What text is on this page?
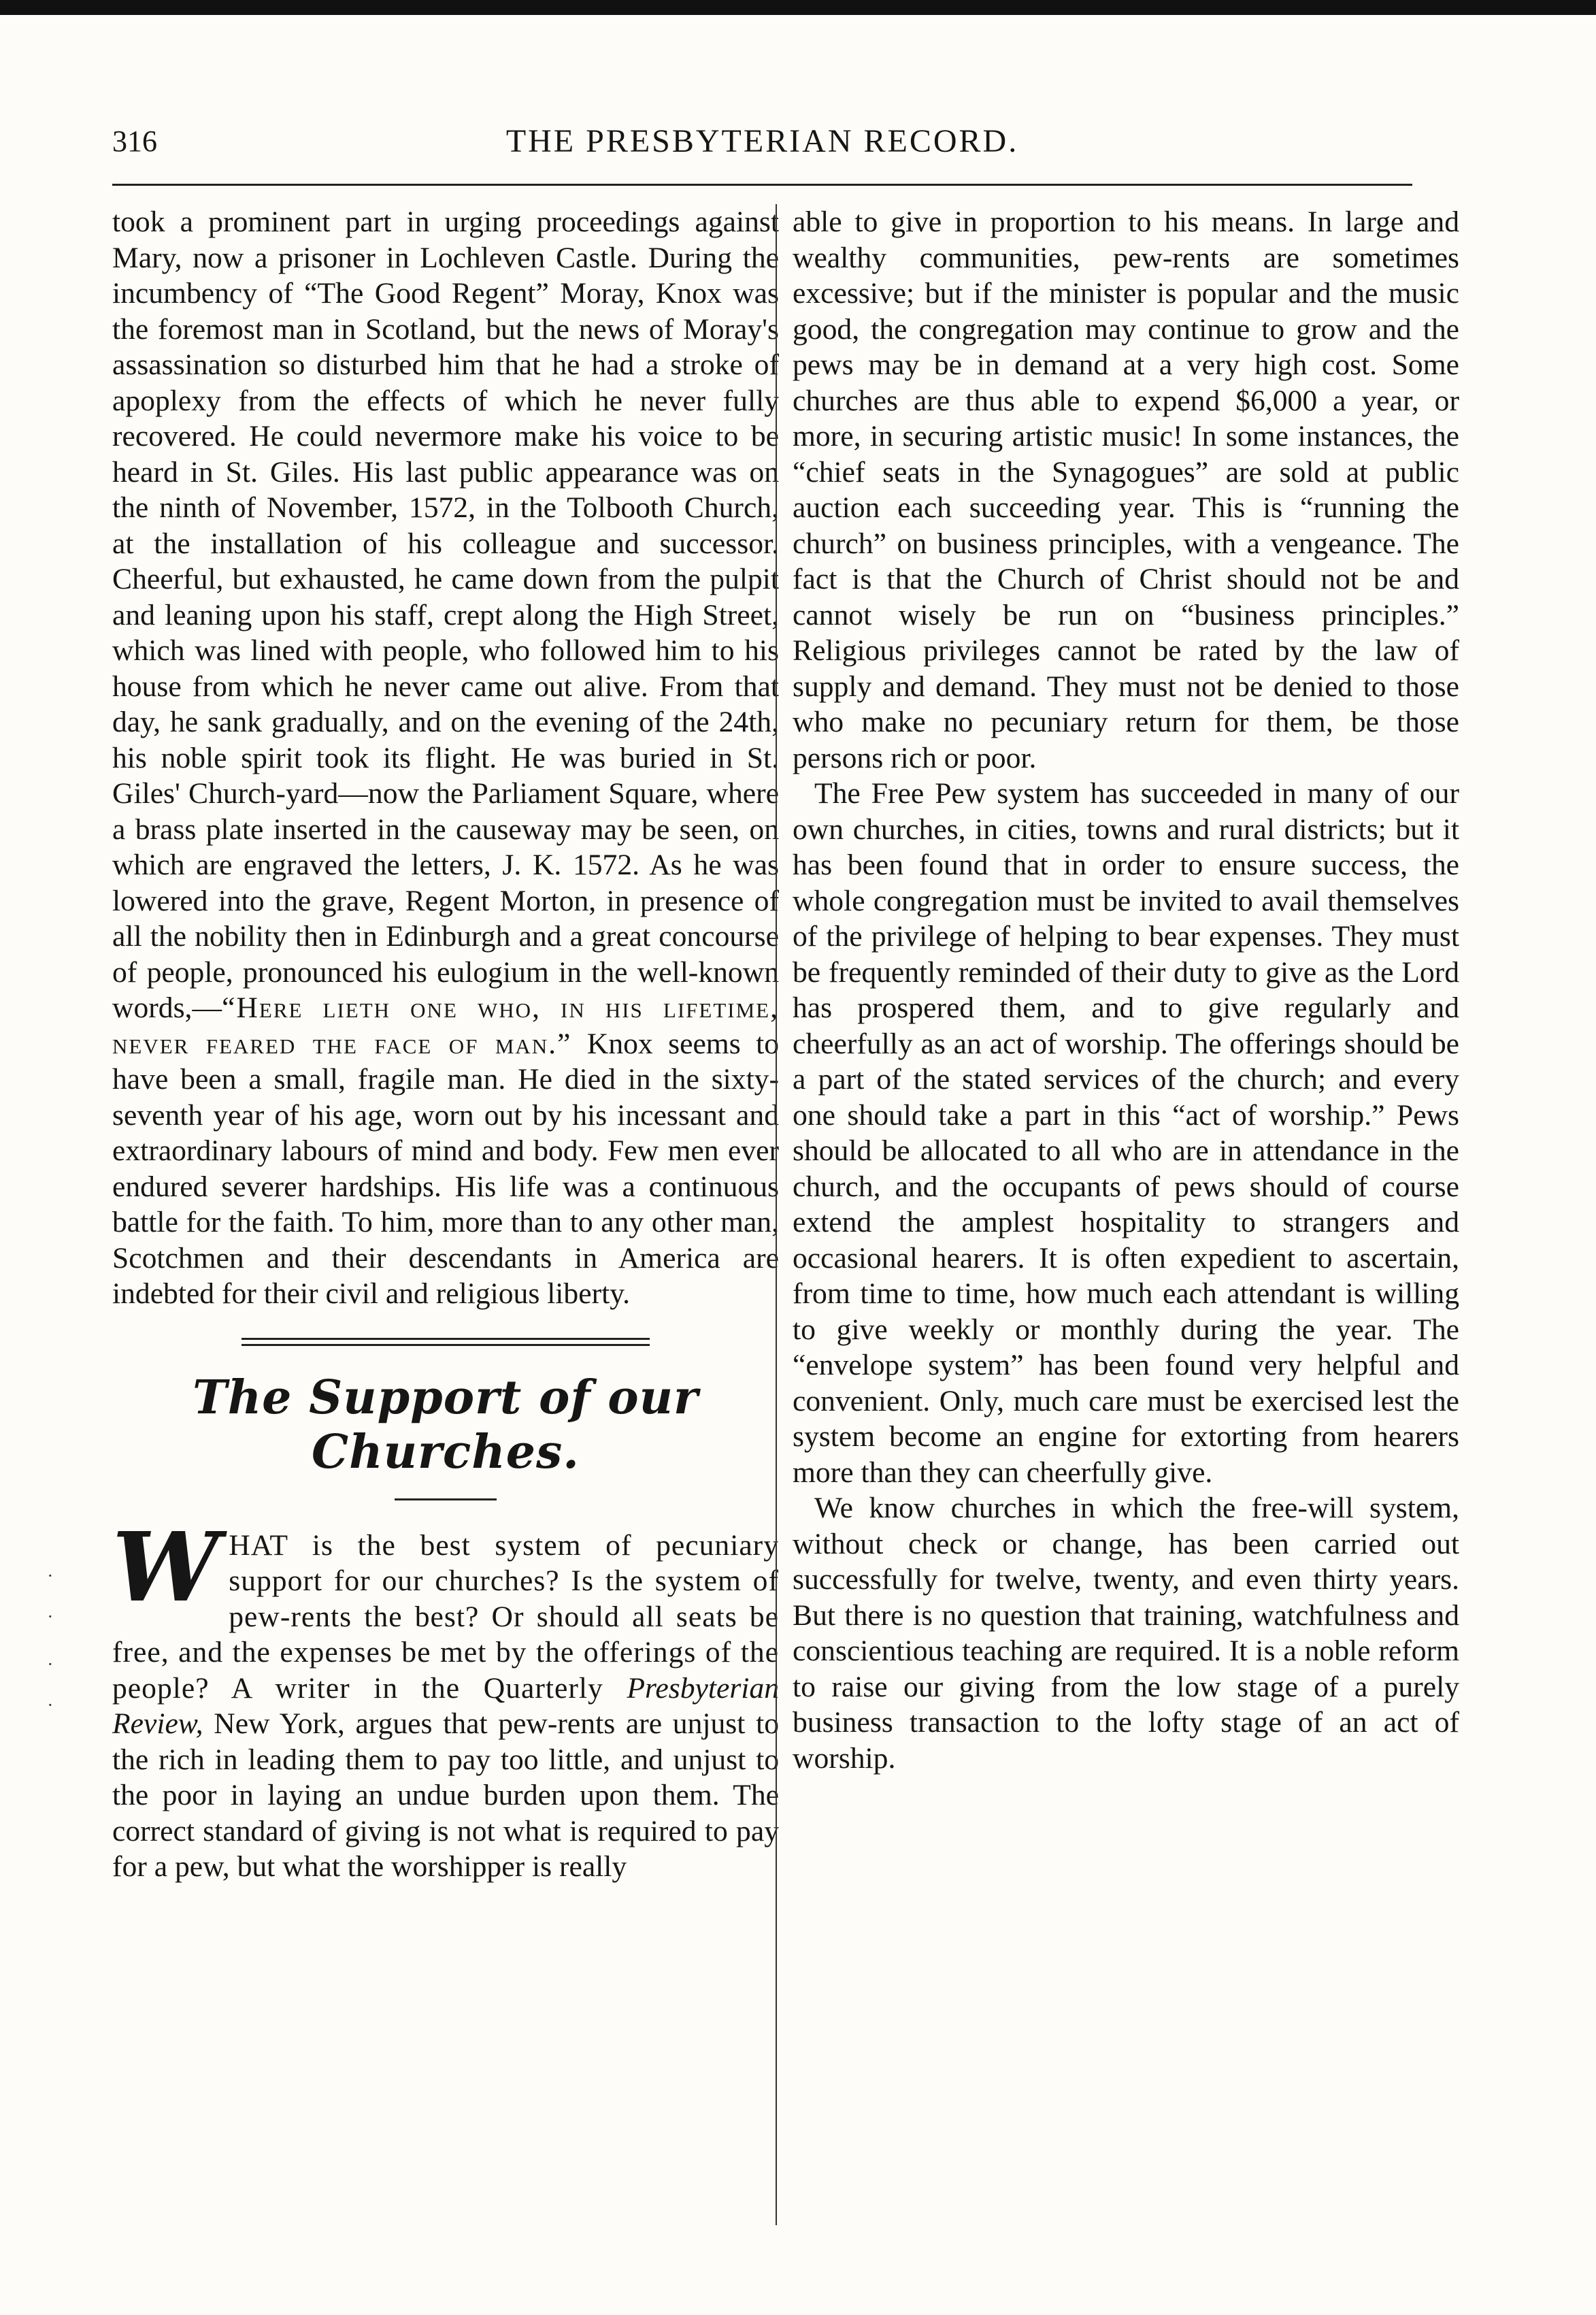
316	THE PRESBYTERIAN RECORD.

took a prominent part in urging proceedings against Mary, now a prisoner in Lochleven Castle. During the incumbency of “The Good Regent” Moray, Knox was the foremost man in Scotland, but the news of Moray's assassination so disturbed him that he had a stroke of apoplexy from the effects of which he never fully recovered. He could nevermore make his voice to be heard in St. Giles. His last public appearance was on the ninth of November, 1572, in the Tolbooth Church, at the installation of his colleague and successor. Cheerful, but exhausted, he came down from the pulpit and leaning upon his staff, crept along the High Street, which was lined with people, who followed him to his house from which he never came out alive. From that day, he sank gradually, and on the evening of the 24th, his noble spirit took its flight. He was buried in St. Giles' Church-yard—now the Parliament Square, where a brass plate inserted in the causeway may be seen, on which are engraved the letters, J. K. 1572. As he was lowered into the grave, Regent Morton, in presence of all the nobility then in Edinburgh and a great concourse of people, pronounced his eulogium in the well-known words,—“Here lieth one who, in his lifetime, never feared the face of man.” Knox seems to have been a small, fragile man. He died in the sixty-seventh year of his age, worn out by his incessant and extraordinary labours of mind and body. Few men ever endured severer hardships. His life was a continuous battle for the faith. To him, more than to any other man, Scotchmen and their descendants in America are indebted for their civil and religious liberty.

The Support of our Churches.

WHAT is the best system of pecuniary support for our churches? Is the system of pew-rents the best? Or should all seats be free, and the expenses be met by the offerings of the people? A writer in the Quarterly Presbyterian Review, New York, argues that pew-rents are unjust to the rich in leading them to pay too little, and unjust to the poor in laying an undue burden upon them. The correct standard of giving is not what is required to pay for a pew, but what the worshipper is really

able to give in proportion to his means. In large and wealthy communities, pew-rents are sometimes excessive; but if the minister is popular and the music good, the congregation may continue to grow and the pews may be in demand at a very high cost. Some churches are thus able to expend $6,000 a year, or more, in securing artistic music! In some instances, the “chief seats in the Synagogues” are sold at public auction each succeeding year. This is “running the church” on business principles, with a vengeance. The fact is that the Church of Christ should not be and cannot wisely be run on “business principles.” Religious privileges cannot be rated by the law of supply and demand. They must not be denied to those who make no pecuniary return for them, be those persons rich or poor.

The Free Pew system has succeeded in many of our own churches, in cities, towns and rural districts; but it has been found that in order to ensure success, the whole congregation must be invited to avail themselves of the privilege of helping to bear expenses. They must be frequently reminded of their duty to give as the Lord has prospered them, and to give regularly and cheerfully as an act of worship. The offerings should be a part of the stated services of the church; and every one should take a part in this “act of worship.” Pews should be allocated to all who are in attendance in the church, and the occupants of pews should of course extend the amplest hospitality to strangers and occasional hearers. It is often expedient to ascertain, from time to time, how much each attendant is willing to give weekly or monthly during the year. The “envelope system” has been found very helpful and convenient. Only, much care must be exercised lest the system become an engine for extorting from hearers more than they can cheerfully give.

We know churches in which the free-will system, without check or change, has been carried out successfully for twelve, twenty, and even thirty years. But there is no question that training, watchfulness and conscientious teaching are required. It is a noble reform to raise our giving from the low stage of a purely business transaction to the lofty stage of an act of worship.

·
·
·
·
